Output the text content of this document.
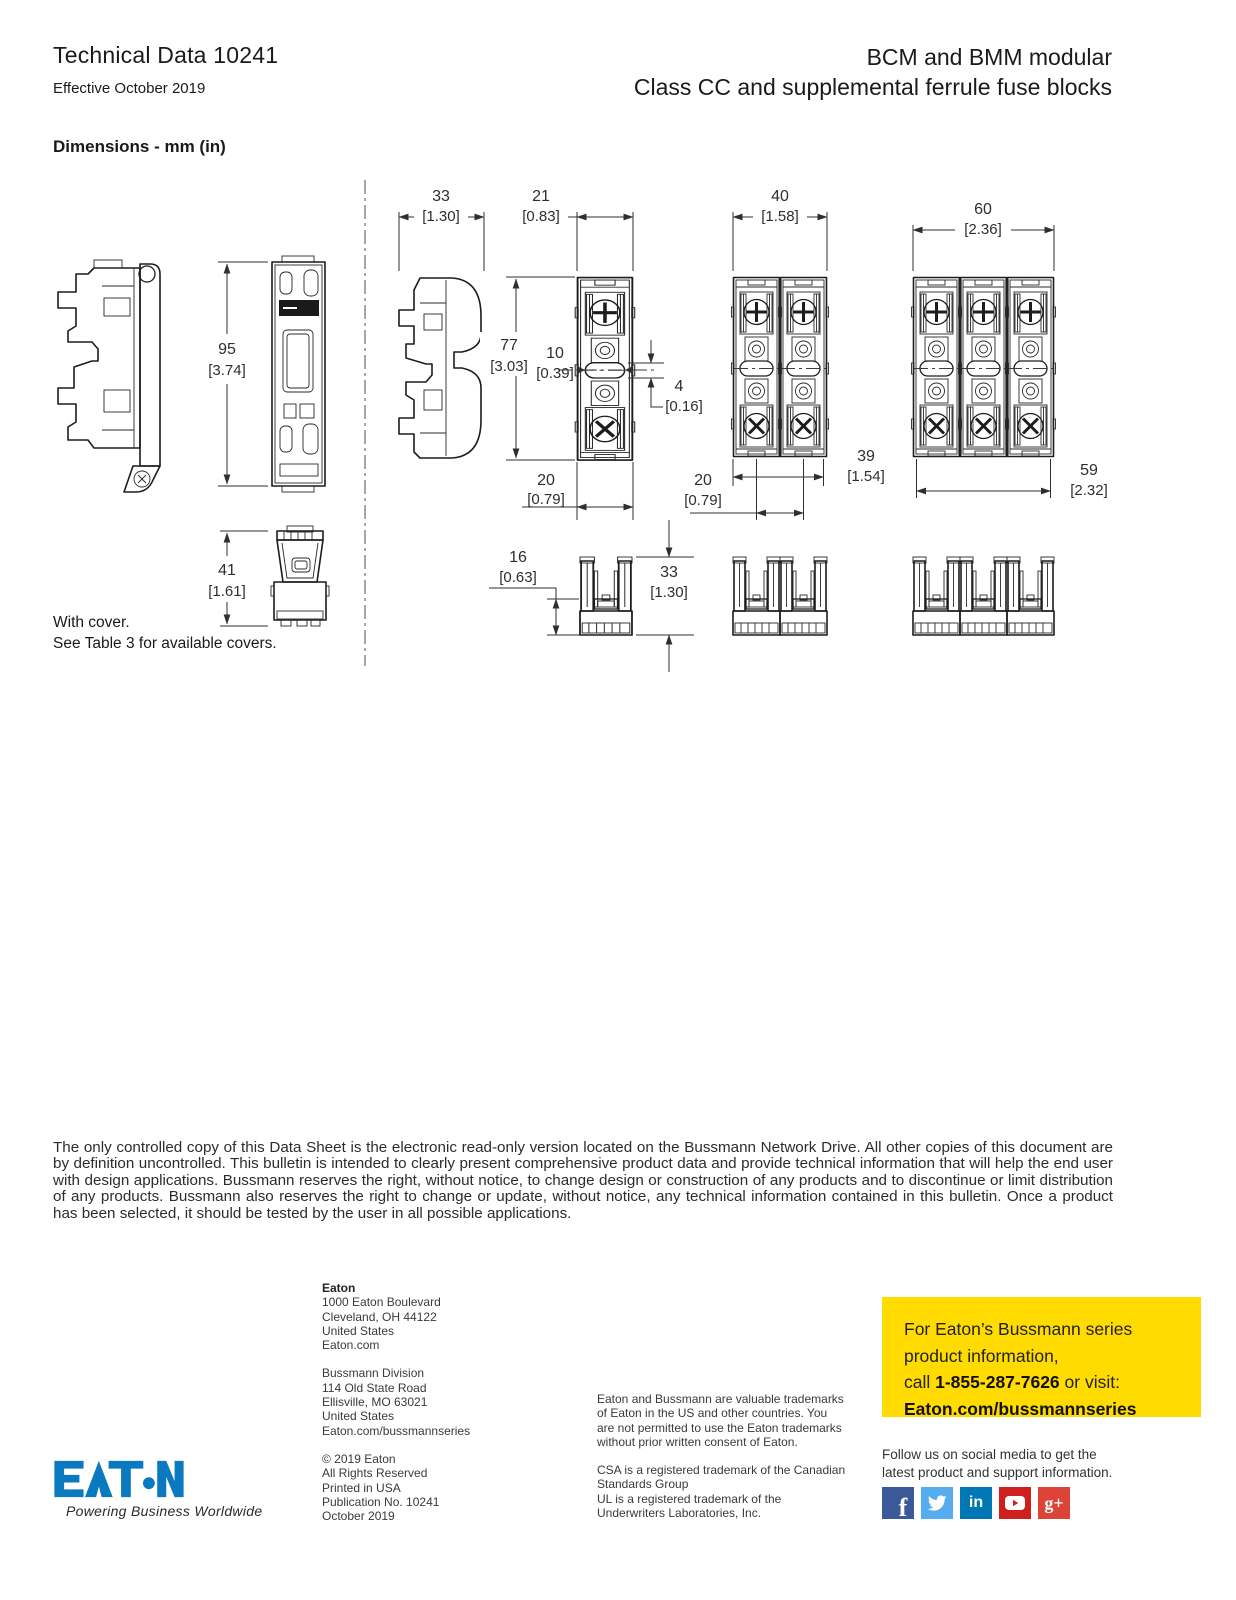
Technical Data 10241
Effective October 2019
BCM and BMM modular
Class CC and supplemental ferrule fuse blocks
Dimensions - mm (in)
95
[3.74]
33
[1.30]
21
[0.83]
77
[3.03]
10
[0.39]
4
[0.16]
20
[0.79]
40
[1.58]
39
[1.54]
20
[0.79]
60
[2.36]
59
[2.32]
41
[1.61]
16
[0.63]	33
[1.30]
With cover.
See Table 3 for available covers.
The only controlled copy of this Data Sheet is the electronic read-only version located on the Bussmann Network Drive. All other copies of this document are by definition uncontrolled. This bulletin is intended to clearly present comprehensive product data and provide technical information that will help the end user with design applications. Bussmann reserves the right, without notice, to change design or construction of any products and to discontinue or limit distribution of any products. Bussmann also reserves the right to change or update, without notice, any technical information contained in this bulletin. Once a product has been selected, it should be tested by the user in all possible applications.
Eaton
1000 Eaton Boulevard
Cleveland, OH 44122
United States
Eaton.com
Bussmann Division
114 Old State Road
Ellisville, MO 63021
United States
Eaton.com/bussmannseries
© 2019 Eaton
All Rights Reserved
Printed in USA
Publication No. 10241
October 2019
Eaton and Bussmann are valuable trademarks
of Eaton in the US and other countries. You
are not permitted to use the Eaton trademarks
without prior written consent of Eaton.
CSA is a registered trademark of the Canadian
Standards Group
UL is a registered trademark of the
Underwriters Laboratories, Inc.
For Eaton’s Bussmann series
product information,
call 1-855-287-7626 or visit:
Eaton.com/bussmannseries
Follow us on social media to get the
latest product and support information.
f	in	g+
Powering Business Worldwide
